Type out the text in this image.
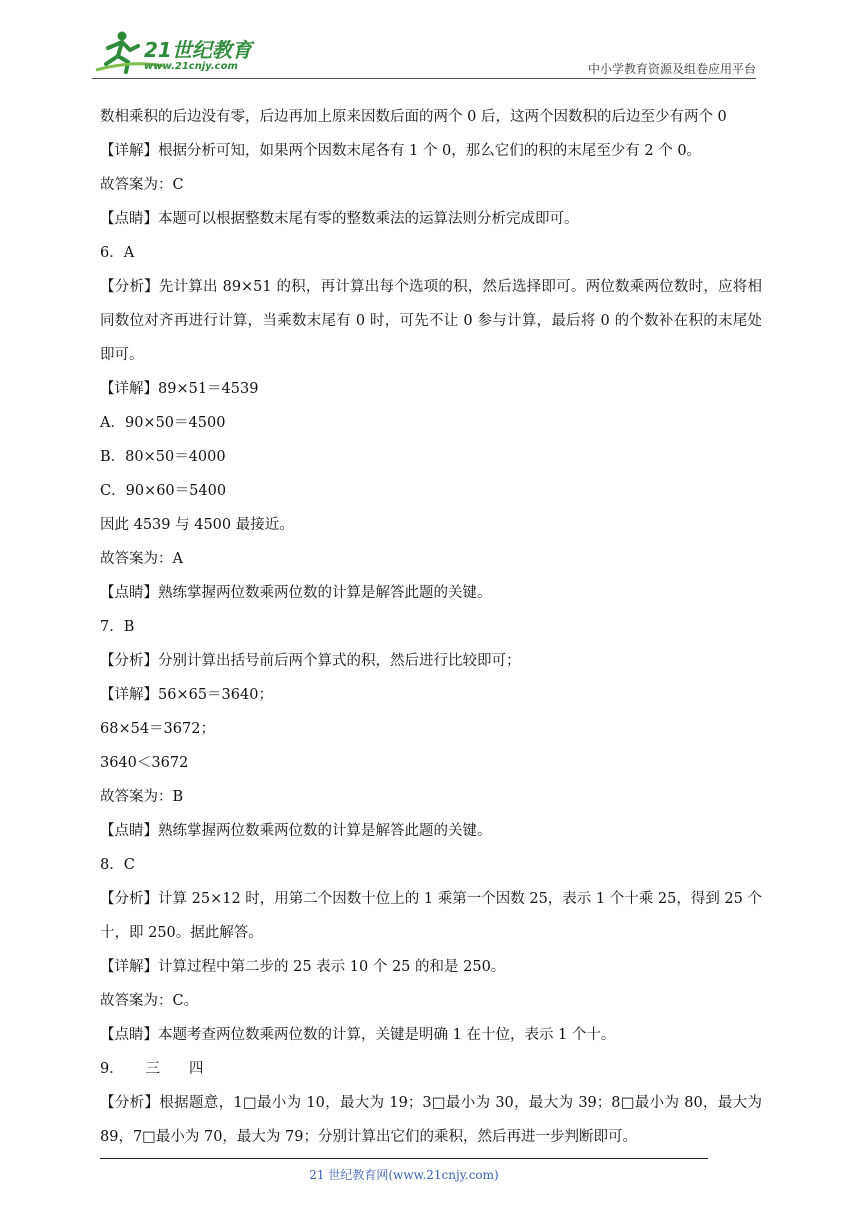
21世纪教育
www.21cnjy.com	中小学教育资源及组卷应用平台
数相乘积的后边没有零，后边再加上原来因数后面的两个 0 后，这两个因数积的后边至少有两个 0
【详解】根据分析可知，如果两个因数末尾各有 1 个 0，那么它们的积的末尾至少有 2 个 0。
故答案为：C
【点睛】本题可以根据整数末尾有零的整数乘法的运算法则分析完成即可。
6．A
【分析】先计算出 89×51 的积，再计算出每个选项的积，然后选择即可。两位数乘两位数时，应将相同数位对齐再进行计算，当乘数末尾有 0 时，可先不让 0 参与计算，最后将 0 的个数补在积的末尾处即可。
【详解】89×51＝4539
A．90×50＝4500
B．80×50＝4000
C．90×60＝5400
因此 4539 与 4500 最接近。
故答案为：A
【点睛】熟练掌握两位数乘两位数的计算是解答此题的关键。
7．B
【分析】分别计算出括号前后两个算式的积，然后进行比较即可；
【详解】56×65＝3640；
68×54＝3672；
3640＜3672
故答案为：B
【点睛】熟练掌握两位数乘两位数的计算是解答此题的关键。
8．C
【分析】计算 25×12 时，用第二个因数十位上的 1 乘第一个因数 25，表示 1 个十乘 25，得到 25 个十，即 250。据此解答。
【详解】计算过程中第二步的 25 表示 10 个 25 的和是 250。
故答案为：C。
【点睛】本题考查两位数乘两位数的计算，关键是明确 1 在十位，表示 1 个十。
9．　　三　　四
【分析】根据题意，1□最小为 10，最大为 19；3□最小为 30，最大为 39；8□最小为 80，最大为 89，7□最小为 70，最大为 79；分别计算出它们的乘积，然后再进一步判断即可。
21 世纪教育网(www.21cnjy.com)
